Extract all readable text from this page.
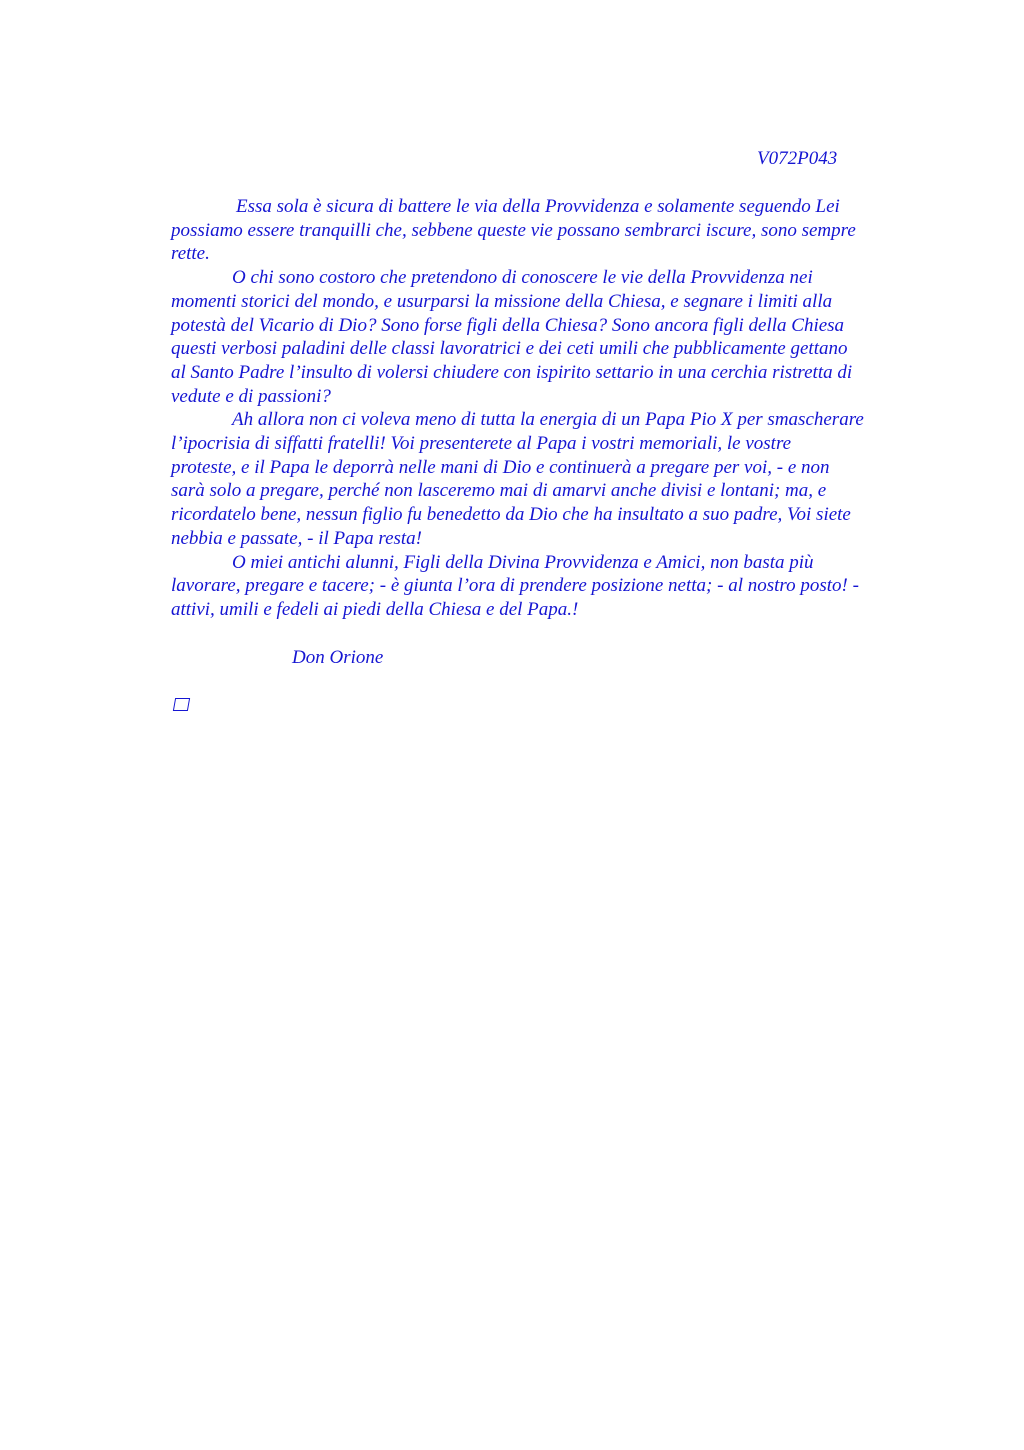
V072P043

Essa sola è sicura di battere le via della Provvidenza e solamente seguendo Lei
possiamo essere tranquilli che, sebbene queste vie possano sembrarci iscure, sono sempre
rette.

O chi sono costoro che pretendono di conoscere le vie della Provvidenza nei
momenti storici del mondo, e usurparsi la missione della Chiesa, e segnare i limiti alla
potestà del Vicario di Dio? Sono forse figli della Chiesa? Sono ancora figli della Chiesa
questi verbosi paladini delle classi lavoratrici e dei ceti umili che pubblicamente gettano
al Santo Padre l’insulto di volersi chiudere con ispirito settario in una cerchia ristretta di
vedute e di passioni?

Ah allora non ci voleva meno di tutta la energia di un Papa Pio X per smascherare
l’ipocrisia di siffatti fratelli! Voi presenterete al Papa i vostri memoriali, le vostre
proteste, e il Papa le deporrà nelle mani di Dio e continuerà a pregare per voi, - e non
sarà solo a pregare, perché non lasceremo mai di amarvi anche divisi e lontani; ma, e
ricordatelo bene, nessun figlio fu benedetto da Dio che ha insultato a suo padre, Voi siete
nebbia e passate, - il Papa resta!

O miei antichi alunni, Figli della Divina Provvidenza e Amici, non basta più
lavorare, pregare e tacere; - è giunta l’ora di prendere posizione netta; - al nostro posto! -
attivi, umili e fedeli ai piedi della Chiesa e del Papa.!

Don Orione
